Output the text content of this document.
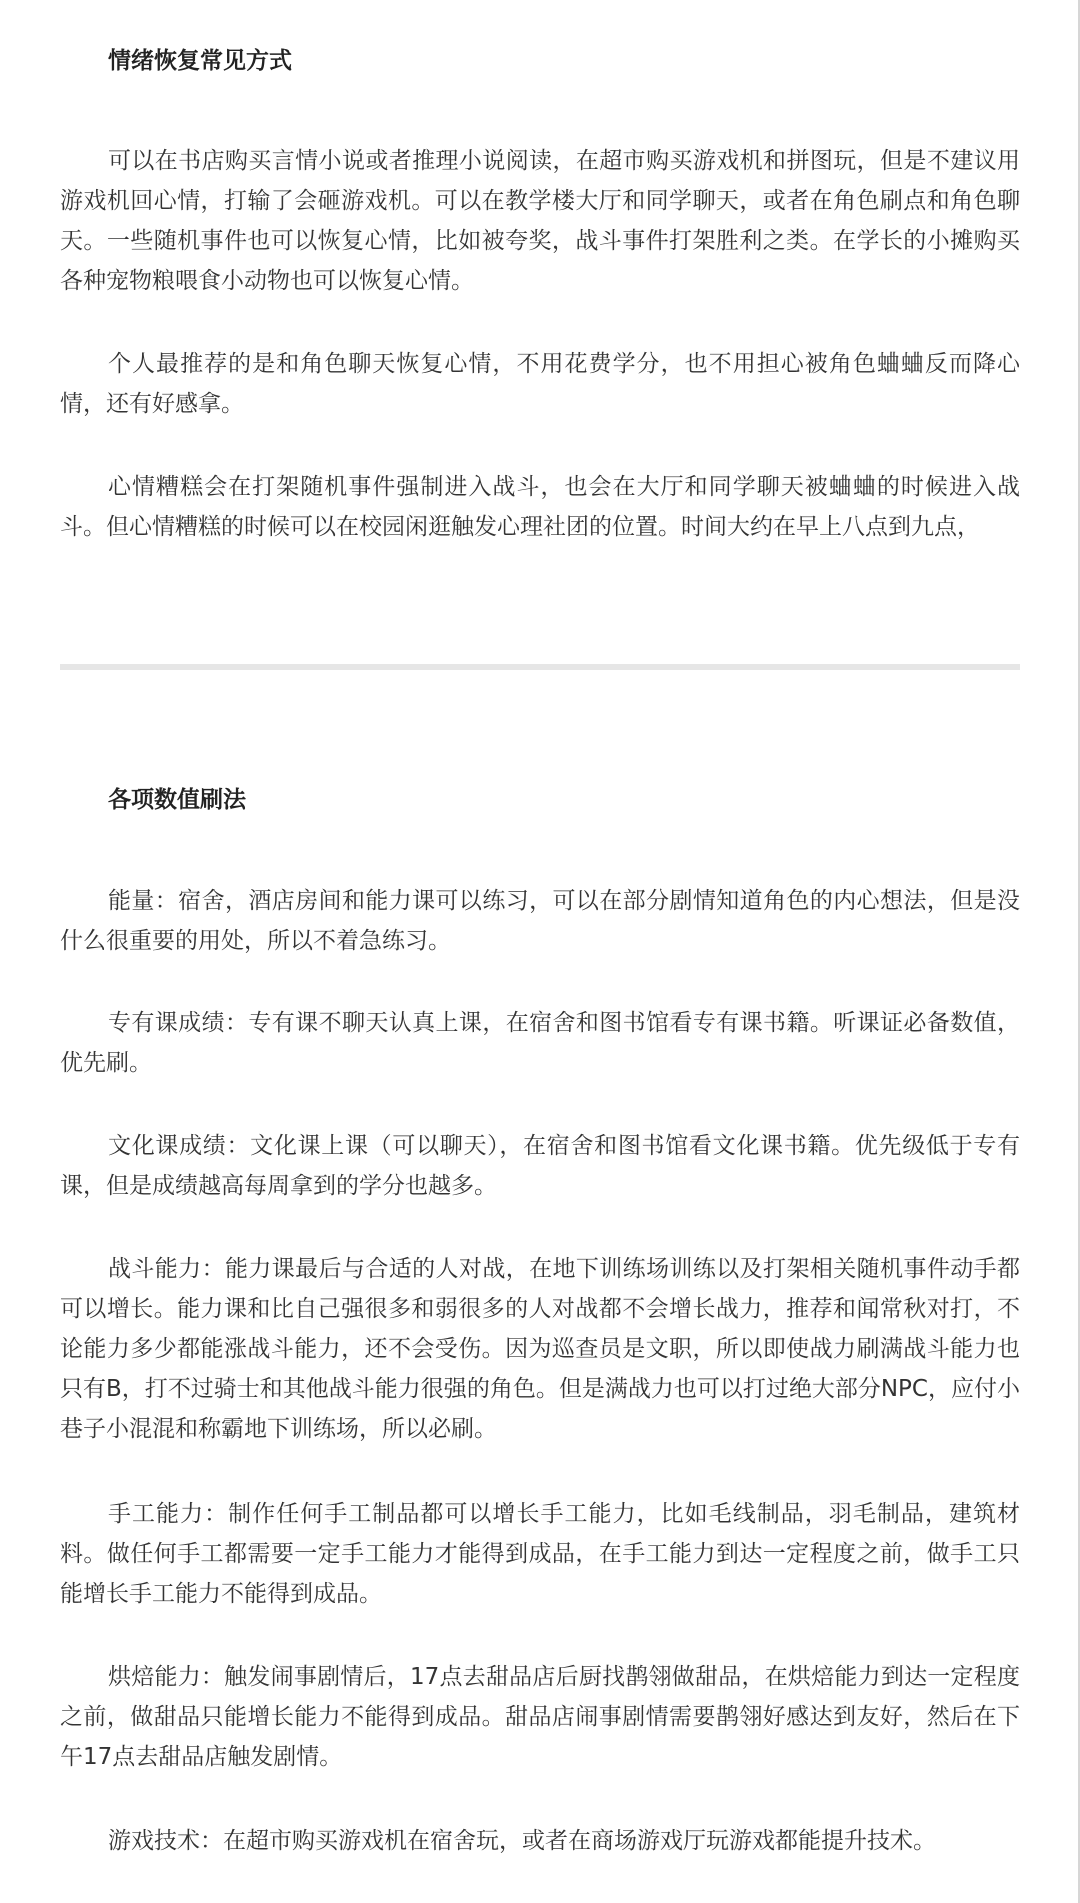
情绪恢复常见方式

可以在书店购买言情小说或者推理小说阅读，在超市购买游戏机和拼图玩，但是不建议用游戏机回心情，打输了会砸游戏机。可以在教学楼大厅和同学聊天，或者在角色刷点和角色聊天。一些随机事件也可以恢复心情，比如被夸奖，战斗事件打架胜利之类。在学长的小摊购买各种宠物粮喂食小动物也可以恢复心情。

个人最推荐的是和角色聊天恢复心情，不用花费学分，也不用担心被角色蛐蛐反而降心情，还有好感拿。

心情糟糕会在打架随机事件强制进入战斗，也会在大厅和同学聊天被蛐蛐的时候进入战斗。但心情糟糕的时候可以在校园闲逛触发心理社团的位置。时间大约在早上八点到九点，

各项数值刷法

能量：宿舍，酒店房间和能力课可以练习，可以在部分剧情知道角色的内心想法，但是没什么很重要的用处，所以不着急练习。

专有课成绩：专有课不聊天认真上课，在宿舍和图书馆看专有课书籍。听课证必备数值，优先刷。

文化课成绩：文化课上课（可以聊天），在宿舍和图书馆看文化课书籍。优先级低于专有课，但是成绩越高每周拿到的学分也越多。

战斗能力：能力课最后与合适的人对战，在地下训练场训练以及打架相关随机事件动手都可以增长。能力课和比自己强很多和弱很多的人对战都不会增长战力，推荐和闻常秋对打，不论能力多少都能涨战斗能力，还不会受伤。因为巡查员是文职，所以即使战力刷满战斗能力也只有B，打不过骑士和其他战斗能力很强的角色。但是满战力也可以打过绝大部分NPC，应付小巷子小混混和称霸地下训练场，所以必刷。

手工能力：制作任何手工制品都可以增长手工能力，比如毛线制品，羽毛制品，建筑材料。做任何手工都需要一定手工能力才能得到成品，在手工能力到达一定程度之前，做手工只能增长手工能力不能得到成品。

烘焙能力：触发闹事剧情后，17点去甜品店后厨找鹊翎做甜品，在烘焙能力到达一定程度之前，做甜品只能增长能力不能得到成品。甜品店闹事剧情需要鹊翎好感达到友好，然后在下午17点去甜品店触发剧情。

游戏技术：在超市购买游戏机在宿舍玩，或者在商场游戏厅玩游戏都能提升技术。
